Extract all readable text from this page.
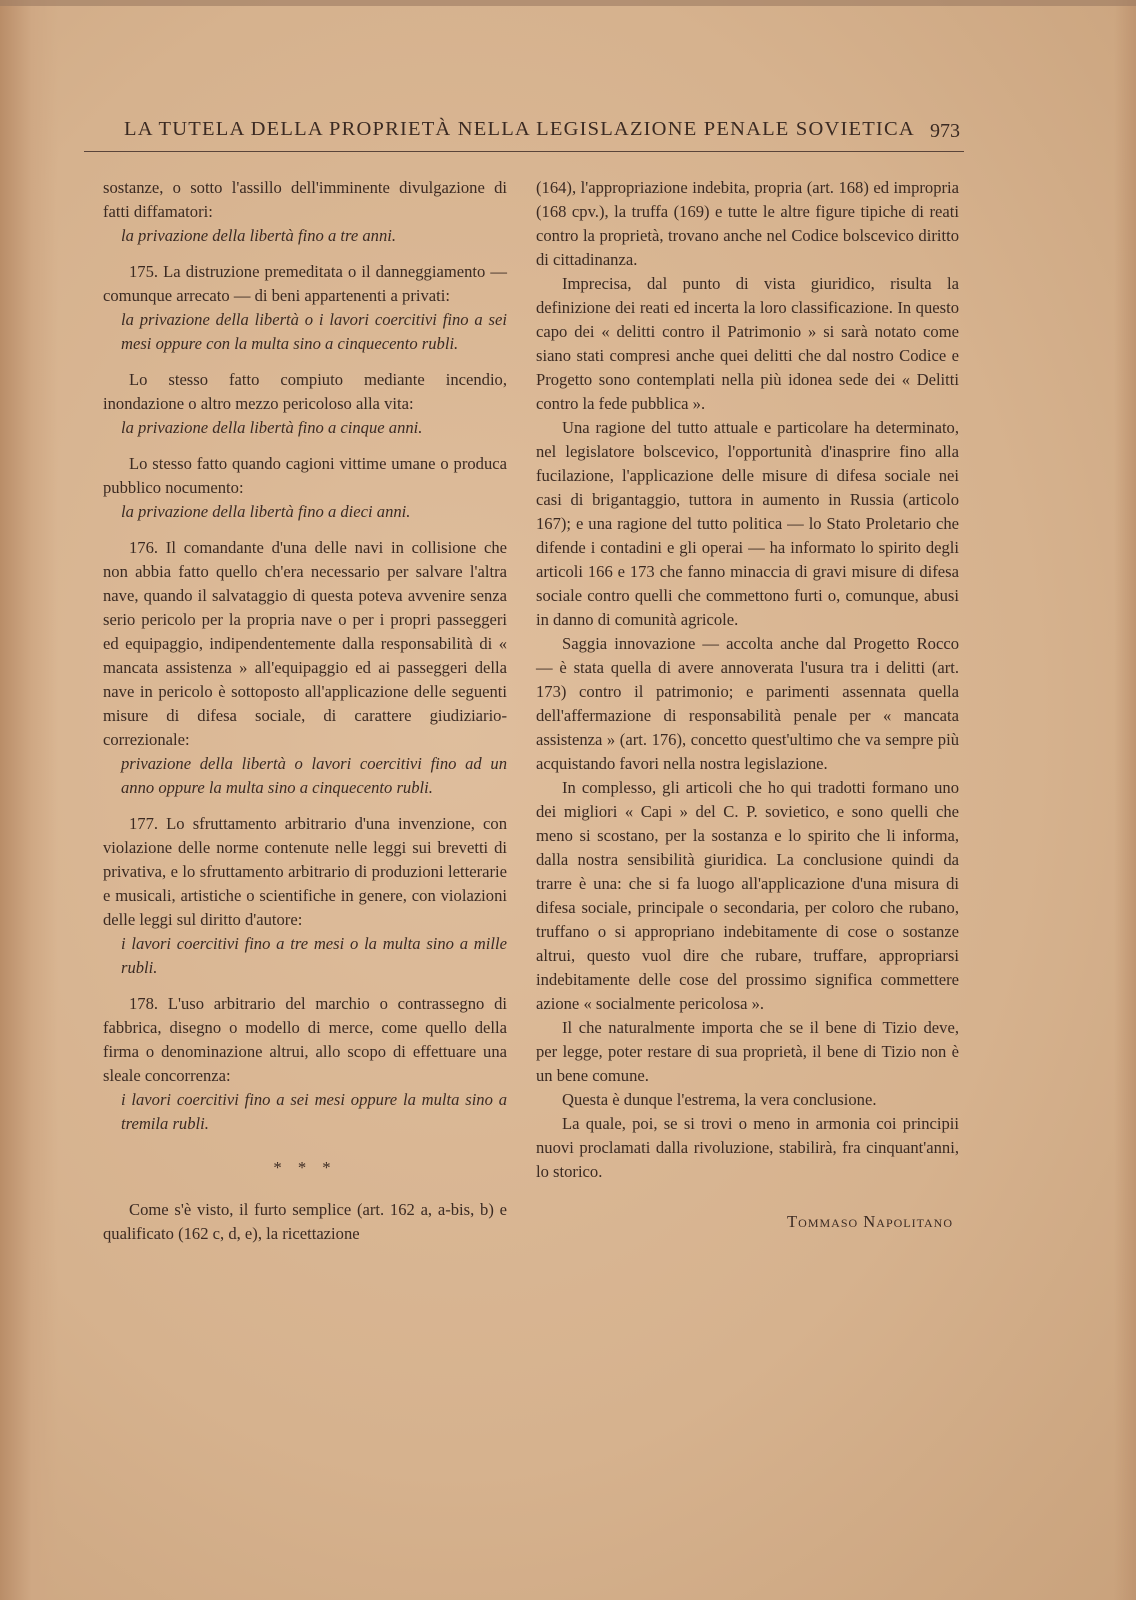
LA TUTELA DELLA PROPRIETÀ NELLA LEGISLAZIONE PENALE SOVIETICA 973

sostanze, o sotto l'assillo dell'imminente divulgazione di fatti diffamatori:

la privazione della libertà fino a tre anni.

175. La distruzione premeditata o il danneggiamento — comunque arrecato — di beni appartenenti a privati:

la privazione della libertà o i lavori coercitivi fino a sei mesi oppure con la multa sino a cinquecento rubli.

Lo stesso fatto compiuto mediante incendio, inondazione o altro mezzo pericoloso alla vita:

la privazione della libertà fino a cinque anni.

Lo stesso fatto quando cagioni vittime umane o produca pubblico nocumento:

la privazione della libertà fino a dieci anni.

176. Il comandante d'una delle navi in collisione che non abbia fatto quello ch'era necessario per salvare l'altra nave, quando il salvataggio di questa poteva avvenire senza serio pericolo per la propria nave o per i propri passeggeri ed equipaggio, indipendentemente dalla responsabilità di « mancata assistenza » all'equipaggio ed ai passeggeri della nave in pericolo è sottoposto all'applicazione delle seguenti misure di difesa sociale, di carattere giudiziario-correzionale:

privazione della libertà o lavori coercitivi fino ad un anno oppure la multa sino a cinquecento rubli.

177. Lo sfruttamento arbitrario d'una invenzione, con violazione delle norme contenute nelle leggi sui brevetti di privativa, e lo sfruttamento arbitrario di produzioni letterarie e musicali, artistiche o scientifiche in genere, con violazioni delle leggi sul diritto d'autore:

i lavori coercitivi fino a tre mesi o la multa sino a mille rubli.

178. L'uso arbitrario del marchio o contrassegno di fabbrica, disegno o modello di merce, come quello della firma o denominazione altrui, allo scopo di effettuare una sleale concorrenza:

i lavori coercitivi fino a sei mesi oppure la multa sino a tremila rubli.

* * *

Come s'è visto, il furto semplice (art. 162 a, a-bis, b) e qualificato (162 c, d, e), la ricettazione

(164), l'appropriazione indebita, propria (art. 168) ed impropria (168 cpv.), la truffa (169) e tutte le altre figure tipiche di reati contro la proprietà, trovano anche nel Codice bolscevico diritto di cittadinanza.

Imprecisa, dal punto di vista giuridico, risulta la definizione dei reati ed incerta la loro classificazione. In questo capo dei « delitti contro il Patrimonio » si sarà notato come siano stati compresi anche quei delitti che dal nostro Codice e Progetto sono contemplati nella più idonea sede dei « Delitti contro la fede pubblica ».

Una ragione del tutto attuale e particolare ha determinato, nel legislatore bolscevico, l'opportunità d'inasprire fino alla fucilazione, l'applicazione delle misure di difesa sociale nei casi di brigantaggio, tuttora in aumento in Russia (articolo 167); e una ragione del tutto politica — lo Stato Proletario che difende i contadini e gli operai — ha informato lo spirito degli articoli 166 e 173 che fanno minaccia di gravi misure di difesa sociale contro quelli che commettono furti o, comunque, abusi in danno di comunità agricole.

Saggia innovazione — accolta anche dal Progetto Rocco — è stata quella di avere annoverata l'usura tra i delitti (art. 173) contro il patrimonio; e parimenti assennata quella dell'affermazione di responsabilità penale per « mancata assistenza » (art. 176), concetto quest'ultimo che va sempre più acquistando favori nella nostra legislazione.

In complesso, gli articoli che ho qui tradotti formano uno dei migliori « Capi » del C. P. sovietico, e sono quelli che meno si scostano, per la sostanza e lo spirito che li informa, dalla nostra sensibilità giuridica. La conclusione quindi da trarre è una: che si fa luogo all'applicazione d'una misura di difesa sociale, principale o secondaria, per coloro che rubano, truffano o si appropriano indebitamente di cose o sostanze altrui, questo vuol dire che rubare, truffare, appropriarsi indebitamente delle cose del prossimo significa commettere azione « socialmente pericolosa ».

Il che naturalmente importa che se il bene di Tizio deve, per legge, poter restare di sua proprietà, il bene di Tizio non è un bene comune.

Questa è dunque l'estrema, la vera conclusione.

La quale, poi, se si trovi o meno in armonia coi principii nuovi proclamati dalla rivoluzione, stabilirà, fra cinquant'anni, lo storico.

Tommaso Napolitano
